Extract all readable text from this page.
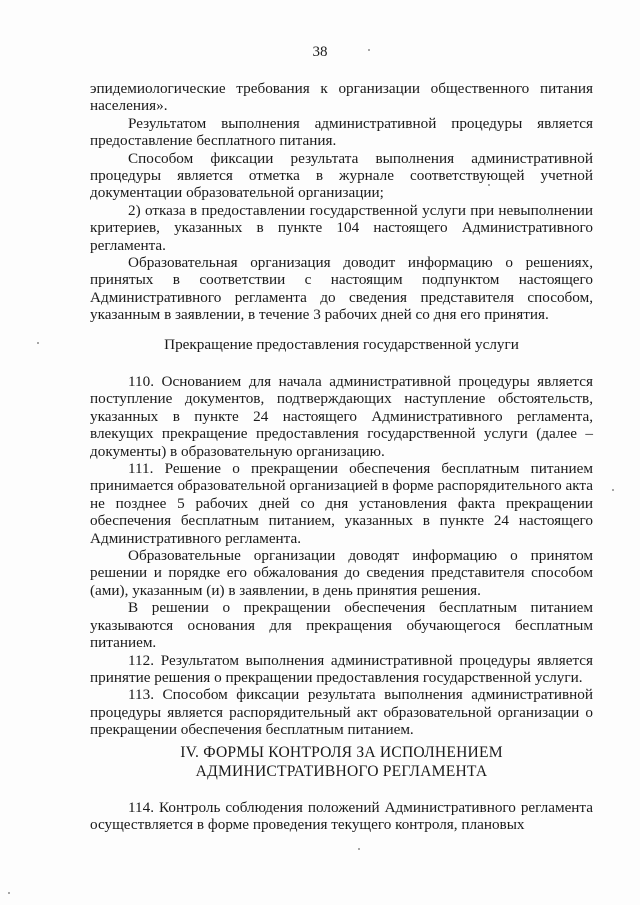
38

эпидемиологические требования к организации общественного питания населения».

Результатом выполнения административной процедуры является предоставление бесплатного питания.

Способом фиксации результата выполнения административной процедуры является отметка в журнале соответствующей учетной документации образовательной организации;

2) отказа в предоставлении государственной услуги при невыполнении критериев, указанных в пункте 104 настоящего Административного регламента.

Образовательная организация доводит информацию о решениях, принятых в соответствии с настоящим подпунктом настоящего Административного регламента до сведения представителя способом, указанным в заявлении, в течение 3 рабочих дней со дня его принятия.

Прекращение предоставления государственной услуги

110. Основанием для начала административной процедуры является поступление документов, подтверждающих наступление обстоятельств, указанных в пункте 24 настоящего Административного регламента, влекущих прекращение предоставления государственной услуги (далее – документы) в образовательную организацию.

111. Решение о прекращении обеспечения бесплатным питанием принимается образовательной организацией в форме распорядительного акта не позднее 5 рабочих дней со дня установления факта прекращении обеспечения бесплатным питанием, указанных в пункте 24 настоящего Административного регламента.

Образовательные организации доводят информацию о принятом решении и порядке его обжалования до сведения представителя способом (ами), указанным (и) в заявлении, в день принятия решения.

В решении о прекращении обеспечения бесплатным питанием указываются основания для прекращения обучающегося бесплатным питанием.

112. Результатом выполнения административной процедуры является принятие решения о прекращении предоставления государственной услуги.

113. Способом фиксации результата выполнения административной процедуры является распорядительный акт образовательной организации о прекращении обеспечения бесплатным питанием.

IV. ФОРМЫ КОНТРОЛЯ ЗА ИСПОЛНЕНИЕМ

АДМИНИСТРАТИВНОГО РЕГЛАМЕНТА

114. Контроль соблюдения положений Административного регламента осуществляется в форме проведения текущего контроля, плановых
